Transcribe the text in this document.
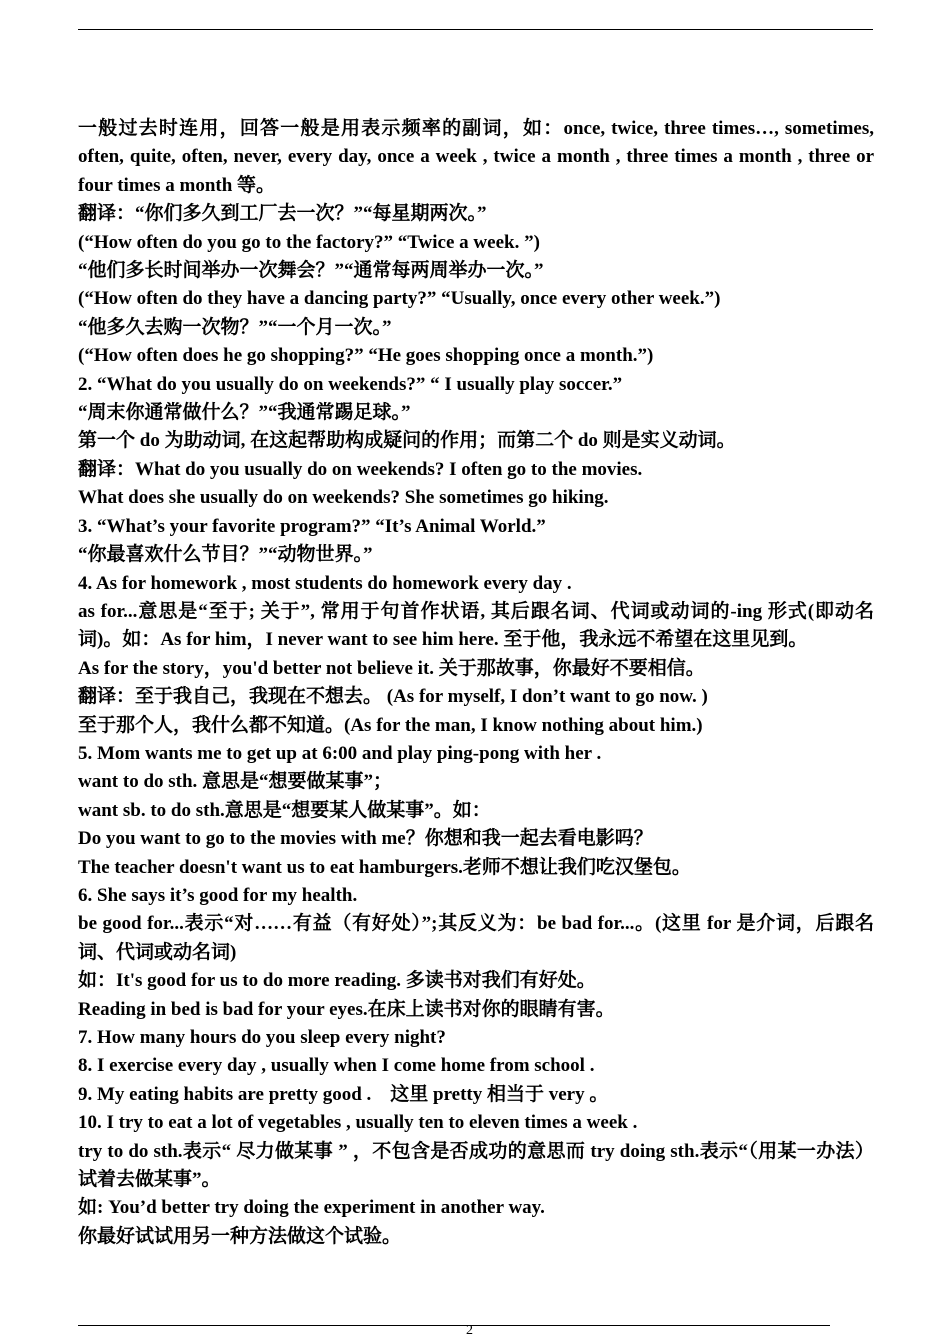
一般过去时连用，回答一般是用表示频率的副词，如：once, twice, three times…, sometimes, often, quite, often, never, every day, once a week , twice a month , three times a month , three or four times a month 等。

翻译：“你们多久到工厂去一次？”“每星期两次。”

(“How often do you go to the factory?” “Twice a week. ”)

“他们多长时间举办一次舞会？”“通常每两周举办一次。”

(“How often do they have a dancing party?” “Usually, once every other week.”)

“他多久去购一次物？”“一个月一次。”

(“How often does he go shopping?” “He goes shopping once a month.”)

2. “What do you usually do on weekends?” “ I usually play soccer.”

“周末你通常做什么？”“我通常踢足球。”

第一个 do 为助动词, 在这起帮助构成疑问的作用；而第二个 do 则是实义动词。

翻译：What do you usually do on weekends? I often go to the movies.

What does she usually do on weekends? She sometimes go hiking.

3. “What’s your favorite program?” “It’s Animal World.”

“你最喜欢什么节目？”“动物世界。”

4. As for homework , most students do homework every day .

as for...意思是“至于; 关于”, 常用于句首作状语, 其后跟名词、代词或动词的-ing 形式(即动名词)。如：As for him，I never want to see him here. 至于他，我永远不希望在这里见到。

As for the story，you'd better not believe it. 关于那故事，你最好不要相信。

翻译：至于我自己，我现在不想去。 (As for myself, I don’t want to go now. )

至于那个人，我什么都不知道。(As for the man, I know nothing about him.)

5. Mom wants me to get up at 6:00 and play ping-pong with her .

want to do sth. 意思是“想要做某事”；

want sb. to do sth.意思是“想要某人做某事”。如：

Do you want to go to the movies with me？你想和我一起去看电影吗？

The teacher doesn't want us to eat hamburgers.老师不想让我们吃汉堡包。

6. She says it’s good for my health.

be good for...表示“对……有益（有好处）”;其反义为：be bad for...。(这里 for 是介词，后跟名词、代词或动名词)

如：It's good for us to do more reading. 多读书对我们有好处。

Reading in bed is bad for your eyes.在床上读书对你的眼睛有害。

7. How many hours do you sleep every night?

8. I exercise every day , usually when I come home from school .

9. My eating habits are pretty good .    这里 pretty 相当于 very 。

10. I try to eat a lot of vegetables , usually ten to eleven times a week .

try to do sth.表示“ 尽力做某事 ” ，不包含是否成功的意思而 try doing sth.表示“（用某一办法）试着去做某事”。

如: You’d better try doing the experiment in another way.

你最好试试用另一种方法做这个试验。

2
